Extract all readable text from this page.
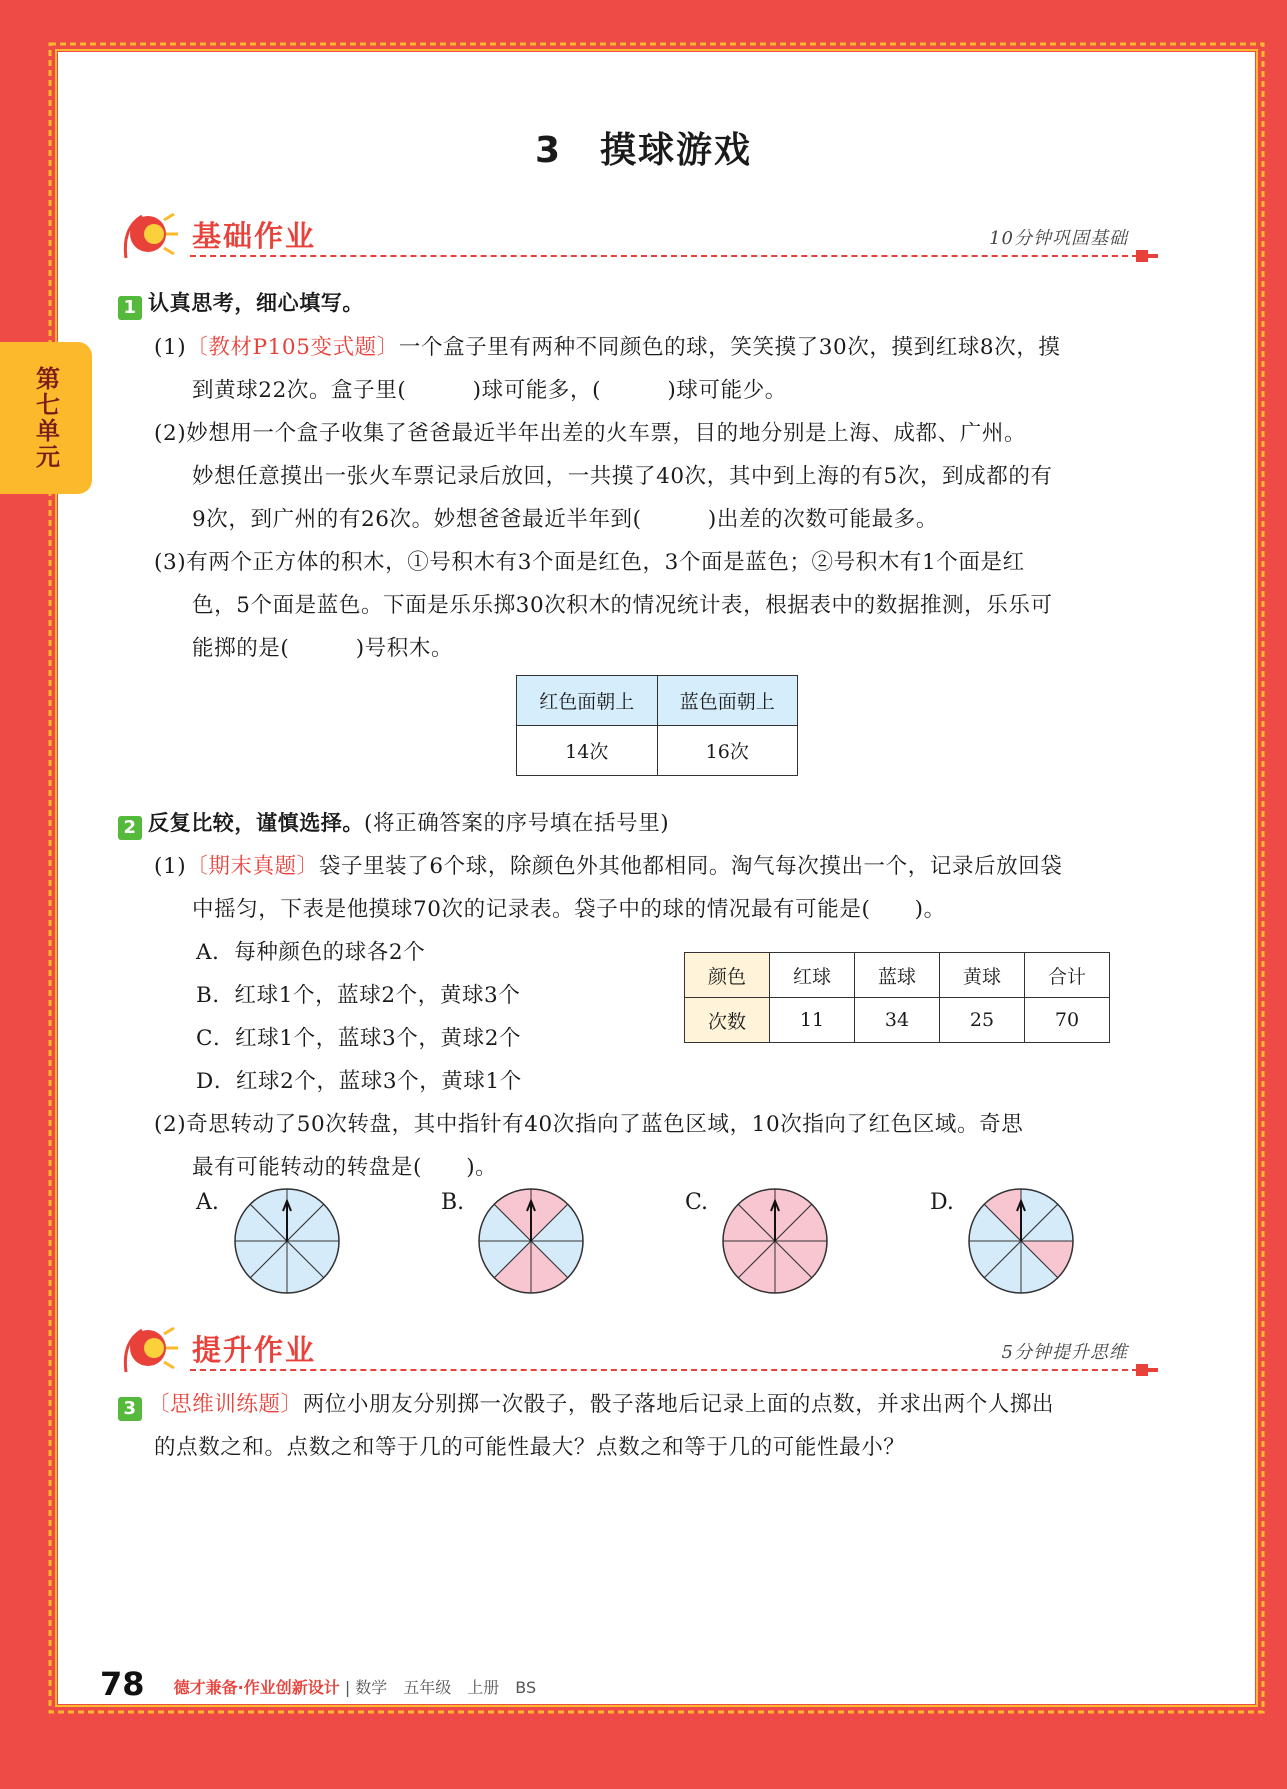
第七单元
3　摸球游戏
基础作业	10分钟巩固基础
1 认真思考，细心填写。
(1)〔教材P105变式题〕一个盒子里有两种不同颜色的球，笑笑摸了30次，摸到红球8次，摸
到黄球22次。盒子里(　　　)球可能多，(　　　)球可能少。
(2)妙想用一个盒子收集了爸爸最近半年出差的火车票，目的地分别是上海、成都、广州。
妙想任意摸出一张火车票记录后放回，一共摸了40次，其中到上海的有5次，到成都的有
9次，到广州的有26次。妙想爸爸最近半年到(　　　)出差的次数可能最多。
(3)有两个正方体的积木，①号积木有3个面是红色，3个面是蓝色；②号积木有1个面是红
色，5个面是蓝色。下面是乐乐掷30次积木的情况统计表，根据表中的数据推测，乐乐可
能掷的是(　　　)号积木。
红色面朝上	蓝色面朝上
14次	16次
2 反复比较，谨慎选择。(将正确答案的序号填在括号里)
(1)〔期末真题〕袋子里装了6个球，除颜色外其他都相同。淘气每次摸出一个，记录后放回袋
中摇匀，下表是他摸球70次的记录表。袋子中的球的情况最有可能是(　　)。
A．每种颜色的球各2个
B．红球1个，蓝球2个，黄球3个
C．红球1个，蓝球3个，黄球2个
D．红球2个，蓝球3个，黄球1个
颜色	红球	蓝球	黄球	合计
次数	11	34	25	70
(2)奇思转动了50次转盘，其中指针有40次指向了蓝色区域，10次指向了红色区域。奇思
最有可能转动的转盘是(　　)。
A.	B.	C.	D.
提升作业	5分钟提升思维
3 〔思维训练题〕两位小朋友分别掷一次骰子，骰子落地后记录上面的点数，并求出两个人掷出
的点数之和。点数之和等于几的可能性最大？点数之和等于几的可能性最小？
78 德才兼备·作业创新设计 | 数学　五年级　上册　BS
